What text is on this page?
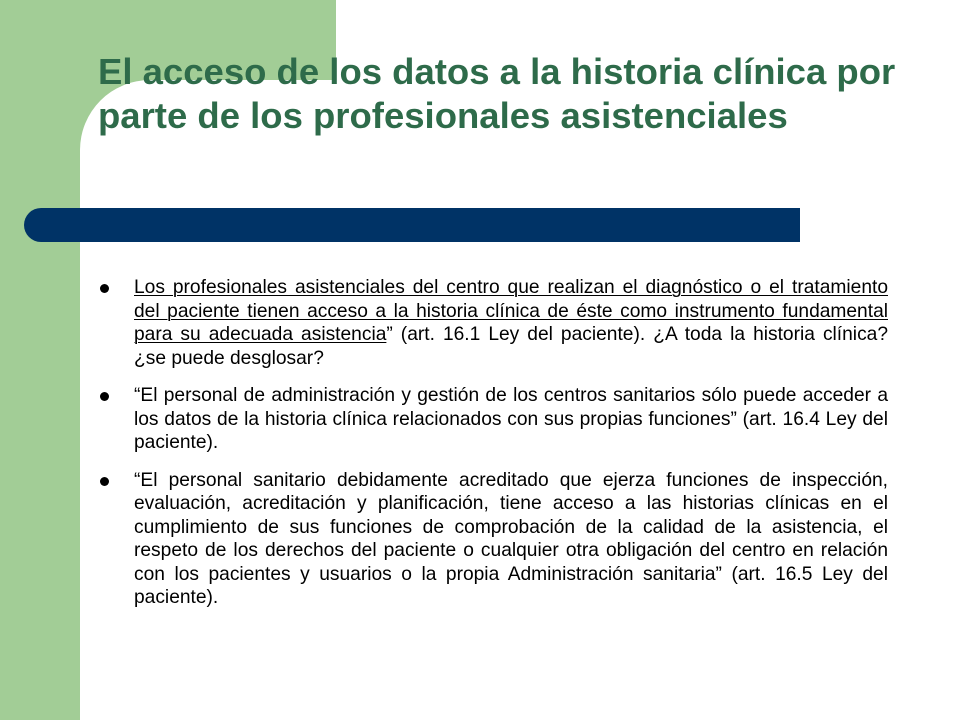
El acceso de los datos a la historia clínica por parte de los profesionales asistenciales
Los profesionales asistenciales del centro que realizan el diagnóstico o el tratamiento del paciente tienen acceso a la historia clínica de éste como instrumento fundamental para su adecuada asistencia” (art. 16.1 Ley del paciente). ¿A toda la historia clínica? ¿se puede desglosar?
“El personal de administración y gestión de los centros sanitarios sólo puede acceder a los datos de la historia clínica relacionados con sus propias funciones” (art. 16.4 Ley del paciente).
“El personal sanitario debidamente acreditado que ejerza funciones de inspección, evaluación, acreditación y planificación, tiene acceso a las historias clínicas en el cumplimiento de sus funciones de comprobación de la calidad de la asistencia, el respeto de los derechos del paciente o cualquier otra obligación del centro en relación con los pacientes y usuarios o la propia Administración sanitaria” (art. 16.5 Ley del paciente).
